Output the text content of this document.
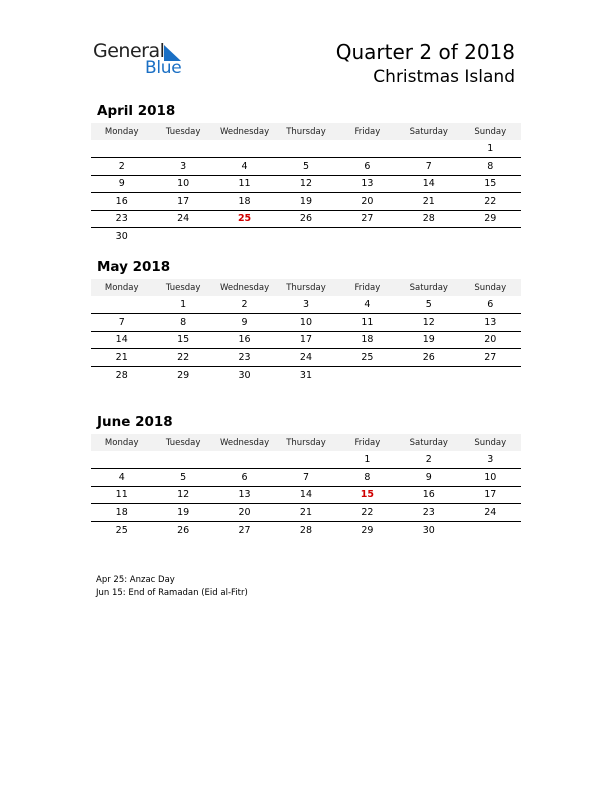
General
Blue
Quarter 2 of 2018
Christmas Island
April 2018
Monday	Tuesday	Wednesday	Thursday	Friday	Saturday	Sunday
						1
2	3	4	5	6	7	8
9	10	11	12	13	14	15
16	17	18	19	20	21	22
23	24	25	26	27	28	29
30						
May 2018
Monday	Tuesday	Wednesday	Thursday	Friday	Saturday	Sunday
	1	2	3	4	5	6
7	8	9	10	11	12	13
14	15	16	17	18	19	20
21	22	23	24	25	26	27
28	29	30	31			
June 2018
Monday	Tuesday	Wednesday	Thursday	Friday	Saturday	Sunday
				1	2	3
4	5	6	7	8	9	10
11	12	13	14	15	16	17
18	19	20	21	22	23	24
25	26	27	28	29	30	
Apr 25: Anzac Day
Jun 15: End of Ramadan (Eid al-Fitr)
